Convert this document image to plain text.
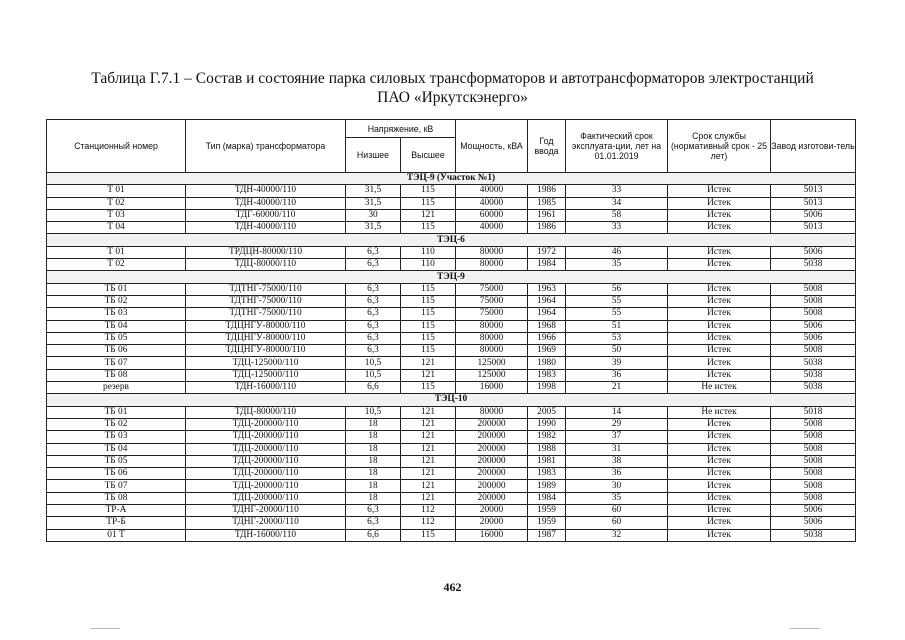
Таблица Г.7.1 – Состав и состояние парка силовых трансформаторов и автотрансформаторов электростанций
ПАО «Иркутскэнерго»
Станционный номер	Тип (марка) трансформатора	Напряжение, кВ		Мощность, кВА	Год ввода	Фактический срок эксплуата-ции, лет на 01.01.2019	Срок службы (нормативный срок - 25 лет)	Завод изготови-тель
		Низшее	Высшее					
ТЭЦ-9 (Участок №1)								
Т 01	ТДН-40000/110	31,5	115	40000	1986	33	Истек	5013
Т 02	ТДН-40000/110	31,5	115	40000	1985	34	Истек	5013
Т 03	ТДГ-60000/110	30	121	60000	1961	58	Истек	5006
Т 04	ТДН-40000/110	31,5	115	40000	1986	33	Истек	5013
ТЭЦ-6								
Т 01	ТРДЦН-80000/110	6,3	110	80000	1972	46	Истек	5006
Т 02	ТДЦ-80000/110	6,3	110	80000	1984	35	Истек	5038
ТЭЦ-9								
ТБ 01	ТДТНГ-75000/110	6,3	115	75000	1963	56	Истек	5008
ТБ 02	ТДТНГ-75000/110	6,3	115	75000	1964	55	Истек	5008
ТБ 03	ТДТНГ-75000/110	6,3	115	75000	1964	55	Истек	5008
ТБ 04	ТДЦНГУ-80000/110	6,3	115	80000	1968	51	Истек	5006
ТБ 05	ТДЦНГУ-80000/110	6,3	115	80000	1966	53	Истек	5006
ТБ 06	ТДЦНГУ-80000/110	6,3	115	80000	1969	50	Истек	5008
ТБ 07	ТДЦ-125000/110	10,5	121	125000	1980	39	Истек	5038
ТБ 08	ТДЦ-125000/110	10,5	121	125000	1983	36	Истек	5038
резерв	ТДН-16000/110	6,6	115	16000	1998	21	Не истек	5038
ТЭЦ-10								
ТБ 01	ТДЦ-80000/110	10,5	121	80000	2005	14	Не истек	5018
ТБ 02	ТДЦ-200000/110	18	121	200000	1990	29	Истек	5008
ТБ 03	ТДЦ-200000/110	18	121	200000	1982	37	Истек	5008
ТБ 04	ТДЦ-200000/110	18	121	200000	1988	31	Истек	5008
ТБ 05	ТДЦ-200000/110	18	121	200000	1981	38	Истек	5008
ТБ 06	ТДЦ-200000/110	18	121	200000	1983	36	Истек	5008
ТБ 07	ТДЦ-200000/110	18	121	200000	1989	30	Истек	5008
ТБ 08	ТДЦ-200000/110	18	121	200000	1984	35	Истек	5008
ТР-А	ТДНГ-20000/110	6,3	112	20000	1959	60	Истек	5006
ТР-Б	ТДНГ-20000/110	6,3	112	20000	1959	60	Истек	5006
01 Т	ТДН-16000/110	6,6	115	16000	1987	32	Истек	5038
462
